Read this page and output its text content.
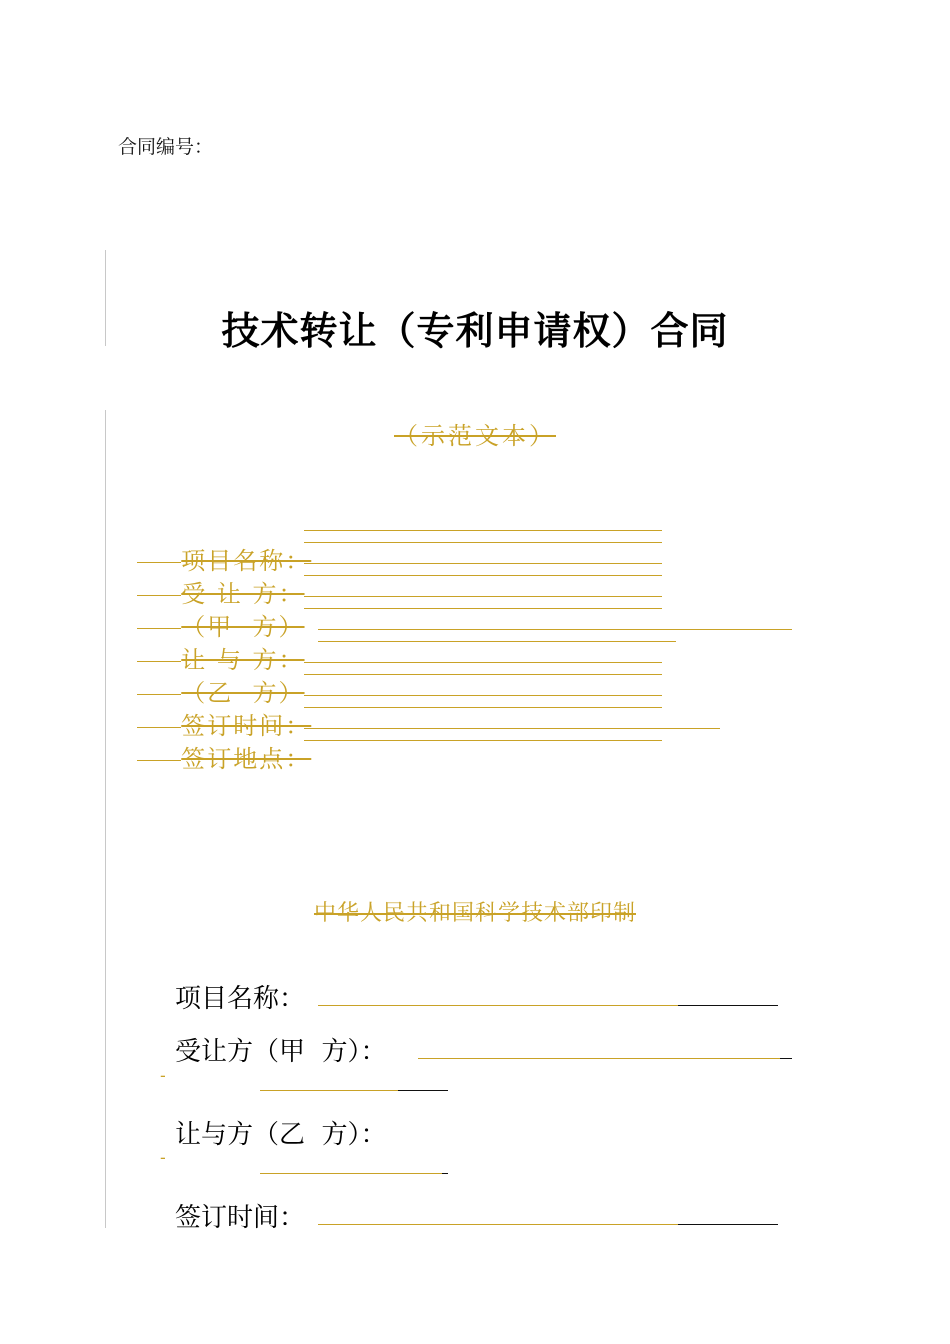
合同编号：
技术转让（专利申请权）合同
（示范文本）

项目名称：

受 让 方：

（甲  方）

让 与 方：

（乙  方）

签订时间：

签订地点：

中华人民共和国科学技术部印制
项目名称：
受让方（甲  方）：
-
让与方（乙  方）：
-
签订时间：
